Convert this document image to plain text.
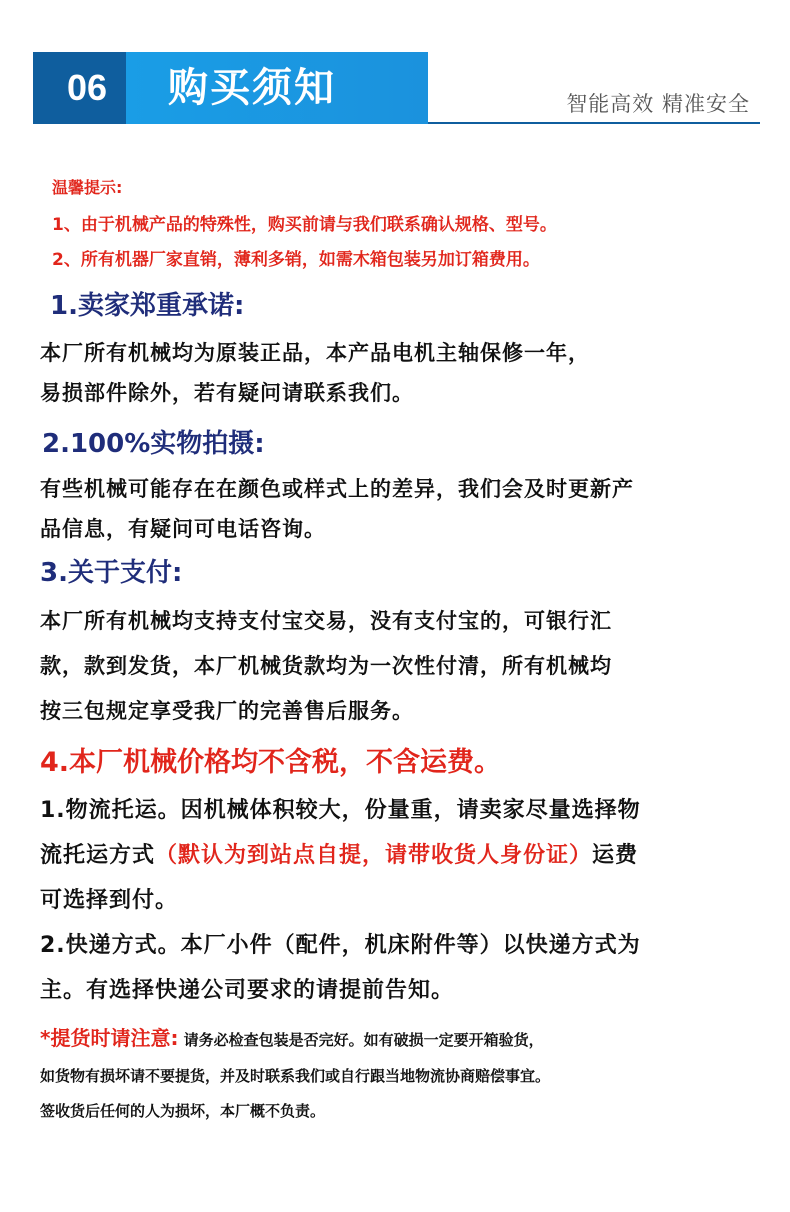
06	购买须知	智能高效 精准安全
温馨提示:
1、由于机械产品的特殊性，购买前请与我们联系确认规格、型号。
2、所有机器厂家直销，薄利多销，如需木箱包装另加订箱费用。
1.卖家郑重承诺:
本厂所有机械均为原装正品，本产品电机主轴保修一年，
易损部件除外，若有疑问请联系我们。
2.100%实物拍摄:
有些机械可能存在在颜色或样式上的差异，我们会及时更新产
品信息，有疑问可电话咨询。
3.关于支付:
本厂所有机械均支持支付宝交易，没有支付宝的，可银行汇
款，款到发货，本厂机械货款均为一次性付清，所有机械均
按三包规定享受我厂的完善售后服务。
4.本厂机械价格均不含税，不含运费。
1.物流托运。因机械体积较大，份量重，请卖家尽量选择物
流托运方式（默认为到站点自提，请带收货人身份证）运费
可选择到付。
2.快递方式。本厂小件（配件，机床附件等）以快递方式为
主。有选择快递公司要求的请提前告知。
*提货时请注意: 请务必检查包装是否完好。如有破损一定要开箱验货，
如货物有损坏请不要提货，并及时联系我们或自行跟当地物流协商赔偿事宜。
签收货后任何的人为损坏，本厂概不负责。
